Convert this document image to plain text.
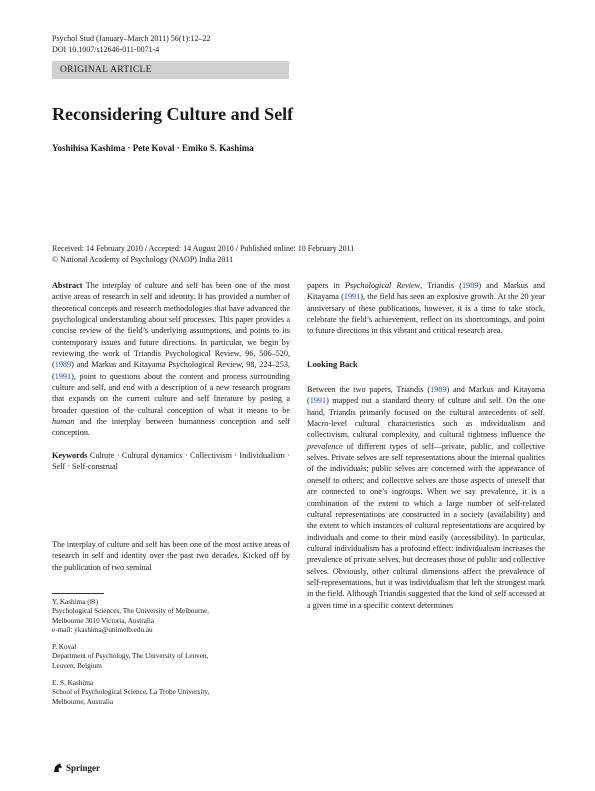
Psychol Stud (January–March 2011) 56(1):12–22
DOI 10.1007/s12646-011-0071-4
ORIGINAL ARTICLE
Reconsidering Culture and Self
Yoshihisa Kashima · Pete Koval · Emiko S. Kashima
Received: 14 February 2010 / Accepted: 14 August 2010 / Published online: 10 February 2011
© National Academy of Psychology (NAOP) India 2011

Abstract The interplay of culture and self has been one of the most active areas of research in self and identity. It has provided a number of theoretical concepts and research methodologies that have advanced the psychological understanding about self processes. This paper provides a concise review of the field’s underlying assumptions, and points to its contemporary issues and future directions. In particular, we begin by reviewing the work of Triandis Psychological Review, 96, 506–520, (1989) and Markus and Kitayama Psychological Review, 98, 224–253, (1991), point to questions about the content and process surrounding culture and self, and end with a description of a new research program that expands on the current culture and self literature by posing a broader question of the cultural conception of what it means to be human and the interplay between humanness conception and self conception.

Keywords Culture · Cultural dynamics · Collectivism · Individualism · Self · Self-construal

The interplay of culture and self has been one of the most active areas of research in self and identity over the past two decades. Kicked off by the publication of two seminal
Y. Kashima (✉)
Psychological Sciences, The University of Melbourne,
Melbourne 3010 Victoria, Australia
e-mail: ykashima@unimelb.edu.au
P. Koval
Department of Psychology, The University of Leuven,
Leuven, Belgium
E. S. Kashima
School of Psychological Science, La Trobe University,
Melbourne, Australia

papers in Psychological Review, Triandis (1989) and Markus and Kitayama (1991), the field has seen an explosive growth. At the 20 year anniversary of these publications, however, it is a time to take stock, celebrate the field’s achievement, reflect on its shortcomings, and point to future directions in this vibrant and critical research area.

Looking Back

Between the two papers, Triandis (1989) and Markus and Kitayama (1991) mapped out a standard theory of culture and self. On the one hand, Triandis primarily focused on the cultural antecedents of self. Macro-level cultural characteristics such as individualism and collectivism, cultural complexity, and cultural tightness influence the prevalence of different types of self—private, public, and collective selves. Private selves are self representations about the internal qualities of the individuals; public selves are concerned with the appearance of oneself to others; and collective selves are those aspects of oneself that are connected to one’s ingroups. When we say prevalence, it is a combination of the extent to which a large number of self-related cultural representations are constructed in a society (availability) and the extent to which instances of cultural representations are acquired by individuals and come to their mind easily (accessibility). In particular, cultural individualism has a profound effect: individualism increases the prevalence of private selves, but decreases those of public and collective selves. Obviously, other cultural dimensions affect the prevalence of self-representations, but it was individualism that left the strongest mark in the field. Although Triandis suggested that the kind of self accessed at a given time in a specific context determines

Springer
